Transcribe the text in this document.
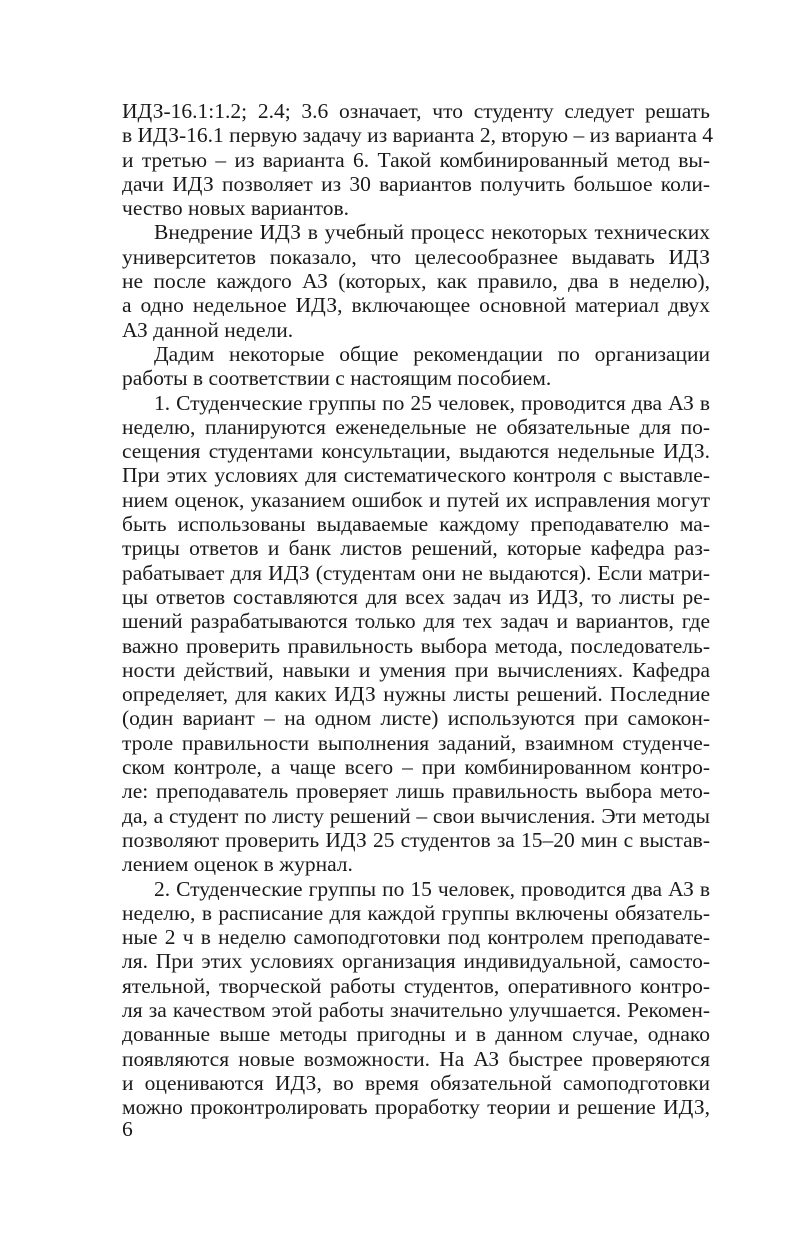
ИДЗ-16.1:1.2; 2.4; 3.6 означает, что студенту следует решать
в ИДЗ-16.1 первую задачу из варианта 2, вторую – из варианта 4
и третью – из варианта 6. Такой комбинированный метод вы-
дачи ИДЗ позволяет из 30 вариантов получить большое коли-
чество новых вариантов.
Внедрение ИДЗ в учебный процесс некоторых технических
университетов показало, что целесообразнее выдавать ИДЗ
не после каждого АЗ (которых, как правило, два в неделю),
а одно недельное ИДЗ, включающее основной материал двух
АЗ данной недели.
Дадим некоторые общие рекомендации по организации
работы в соответствии с настоящим пособием.
1. Студенческие группы по 25 человек, проводится два АЗ в
неделю, планируются еженедельные не обязательные для по-
сещения студентами консультации, выдаются недельные ИДЗ.
При этих условиях для систематического контроля с выставле-
нием оценок, указанием ошибок и путей их исправления могут
быть использованы выдаваемые каждому преподавателю ма-
трицы ответов и банк листов решений, которые кафедра раз-
рабатывает для ИДЗ (студентам они не выдаются). Если матри-
цы ответов составляются для всех задач из ИДЗ, то листы ре-
шений разрабатываются только для тех задач и вариантов, где
важно проверить правильность выбора метода, последователь-
ности действий, навыки и умения при вычислениях. Кафедра
определяет, для каких ИДЗ нужны листы решений. Последние
(один вариант – на одном листе) используются при самокон-
троле правильности выполнения заданий, взаимном студенче-
ском контроле, а чаще всего – при комбинированном контро-
ле: преподаватель проверяет лишь правильность выбора мето-
да, а студент по листу решений – свои вычисления. Эти методы
позволяют проверить ИДЗ 25 студентов за 15–20 мин с выстав-
лением оценок в журнал.
2. Студенческие группы по 15 человек, проводится два АЗ в
неделю, в расписание для каждой группы включены обязатель-
ные 2 ч в неделю самоподготовки под контролем преподавате-
ля. При этих условиях организация индивидуальной, самосто-
ятельной, творческой работы студентов, оперативного контро-
ля за качеством этой работы значительно улучшается. Рекомен-
дованные выше методы пригодны и в данном случае, однако
появляются новые возможности. На АЗ быстрее проверяются
и оцениваются ИДЗ, во время обязательной самоподготовки
можно проконтролировать проработку теории и решение ИДЗ,
6
